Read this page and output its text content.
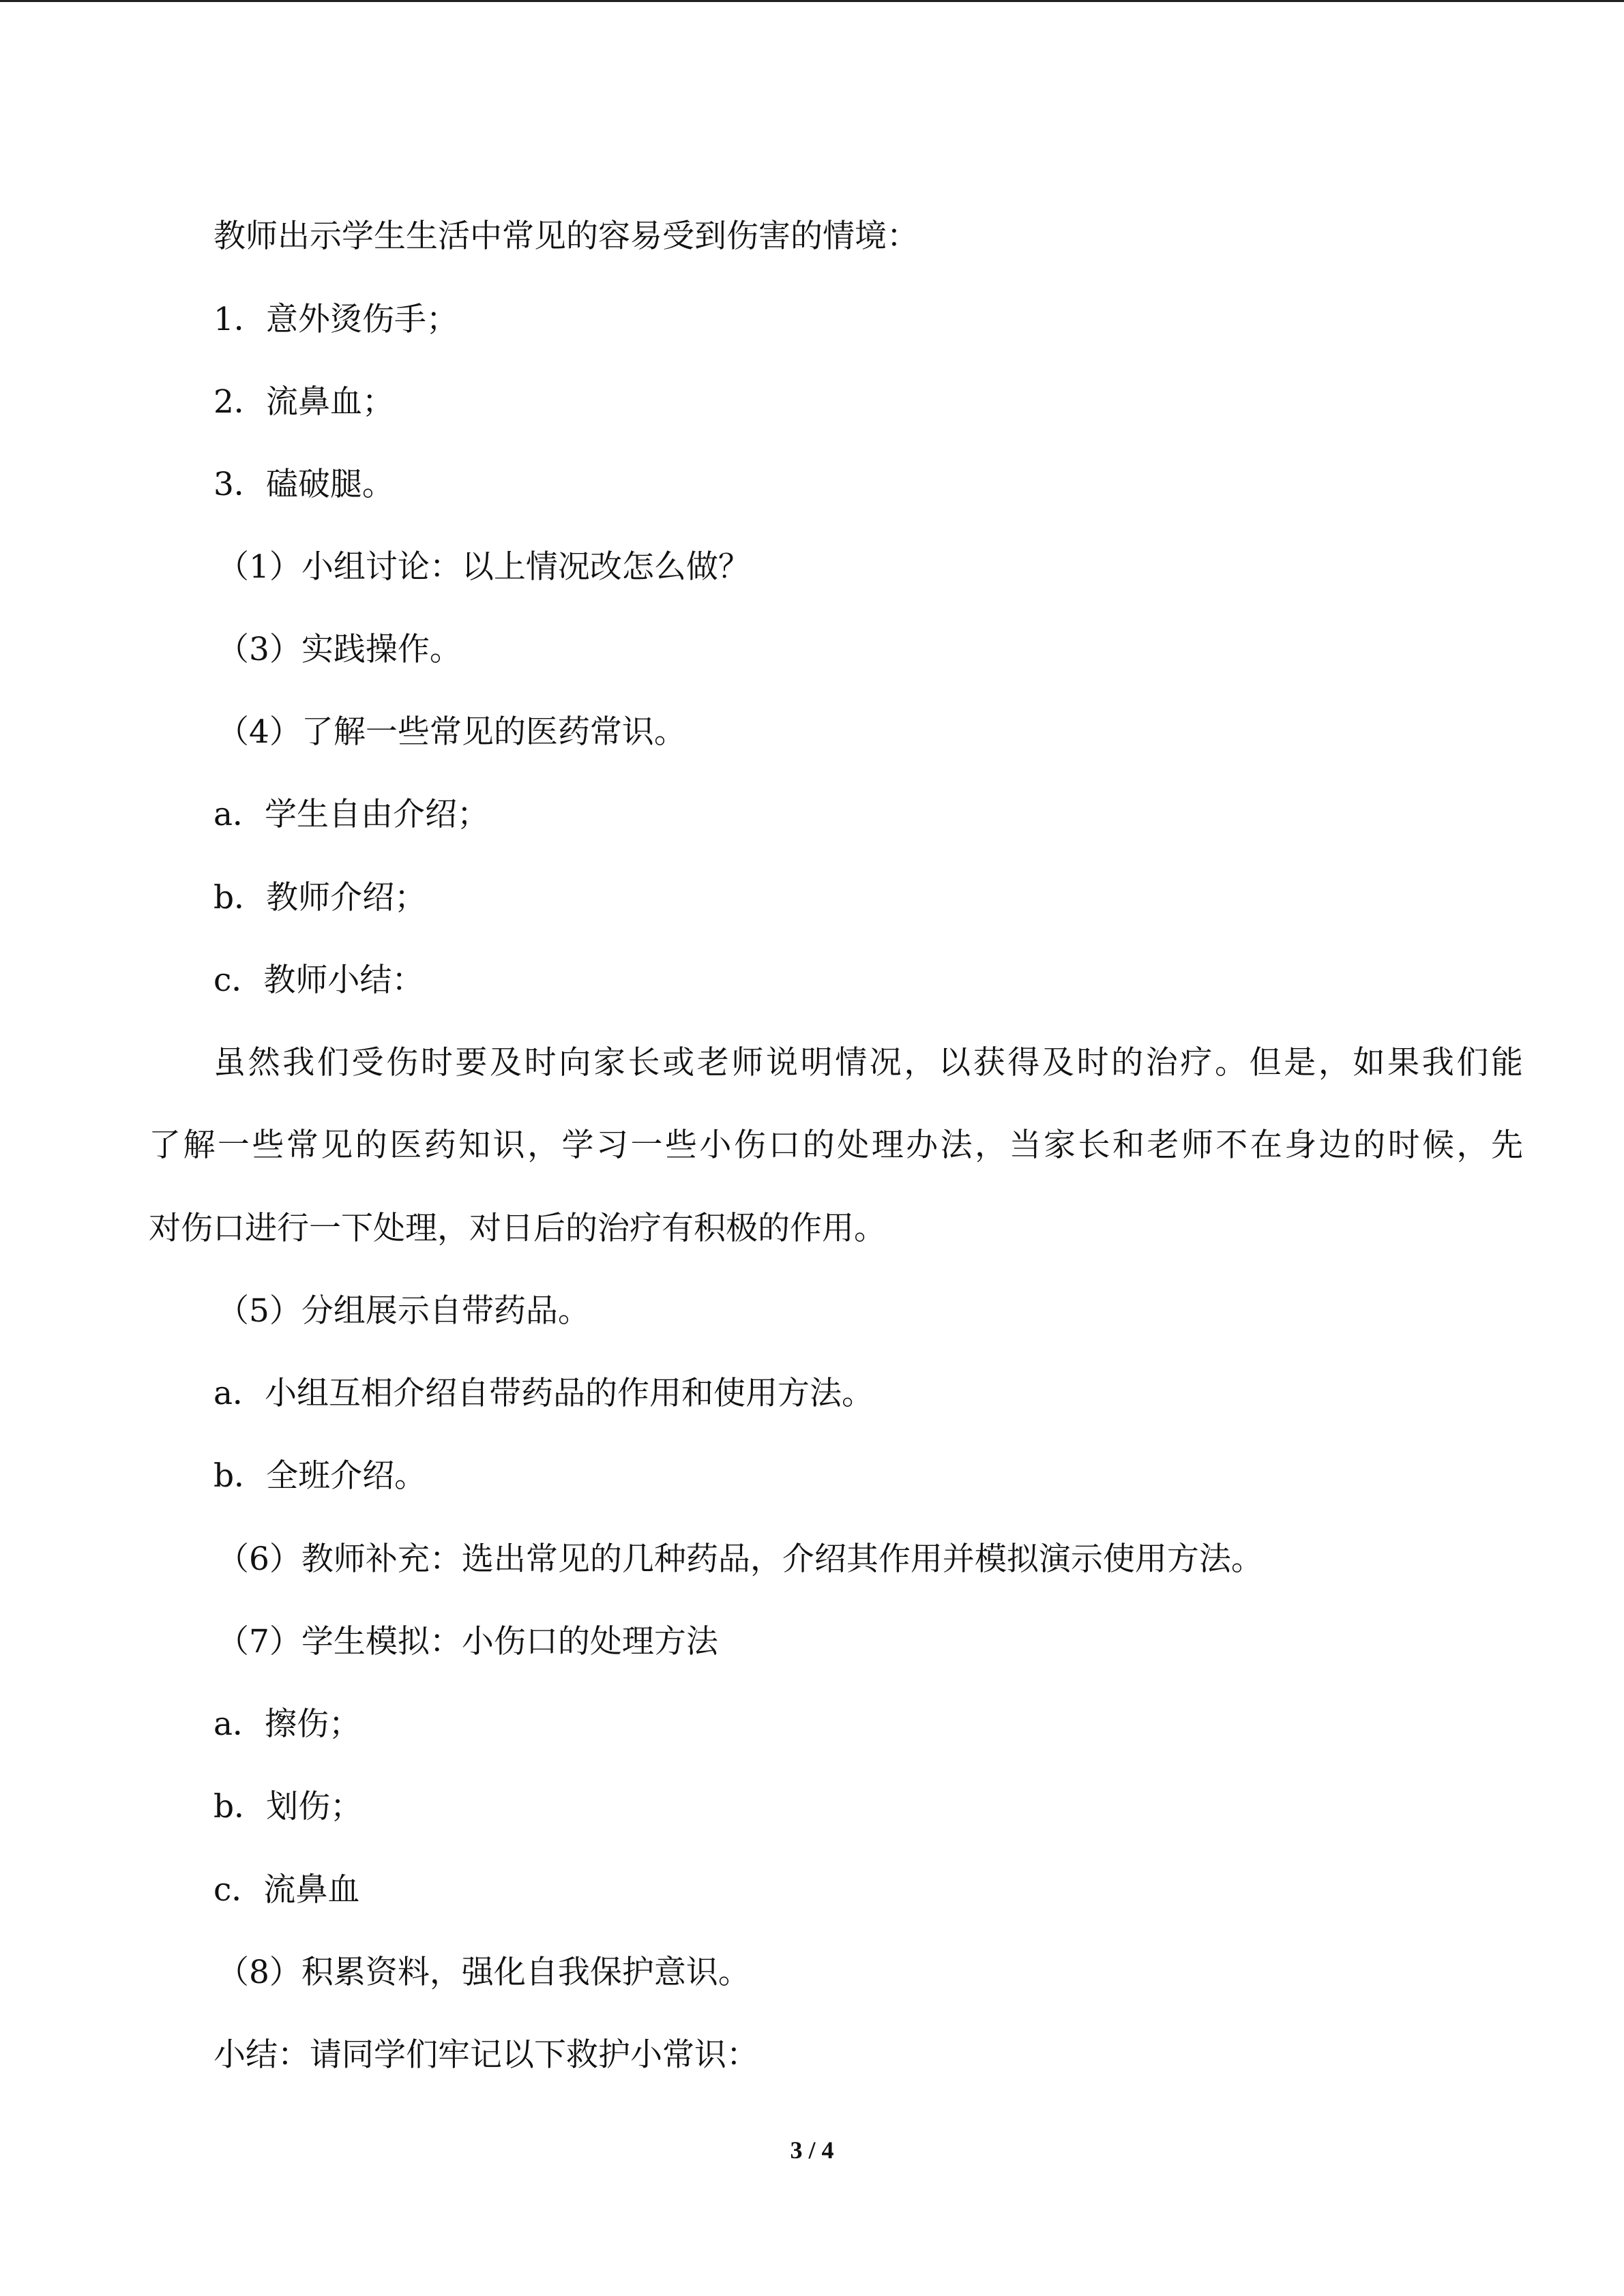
教师出示学生生活中常见的容易受到伤害的情境：

1．意外烫伤手；

2．流鼻血；

3．磕破腿。

（1）小组讨论：以上情况改怎么做？

（3）实践操作。

（4）了解一些常见的医药常识。

a．学生自由介绍；

b．教师介绍；

c．教师小结：

虽然我们受伤时要及时向家长或老师说明情况，以获得及时的治疗。但是，如果我们能

了解一些常见的医药知识，学习一些小伤口的处理办法，当家长和老师不在身边的时候，先

对伤口进行一下处理，对日后的治疗有积极的作用。

（5）分组展示自带药品。

a．小组互相介绍自带药品的作用和使用方法。

b．全班介绍。

（6）教师补充：选出常见的几种药品，介绍其作用并模拟演示使用方法。

（7）学生模拟：小伤口的处理方法

a．擦伤；

b．划伤；

c．流鼻血

（8）积累资料，强化自我保护意识。

小结：请同学们牢记以下救护小常识：

3 / 4
